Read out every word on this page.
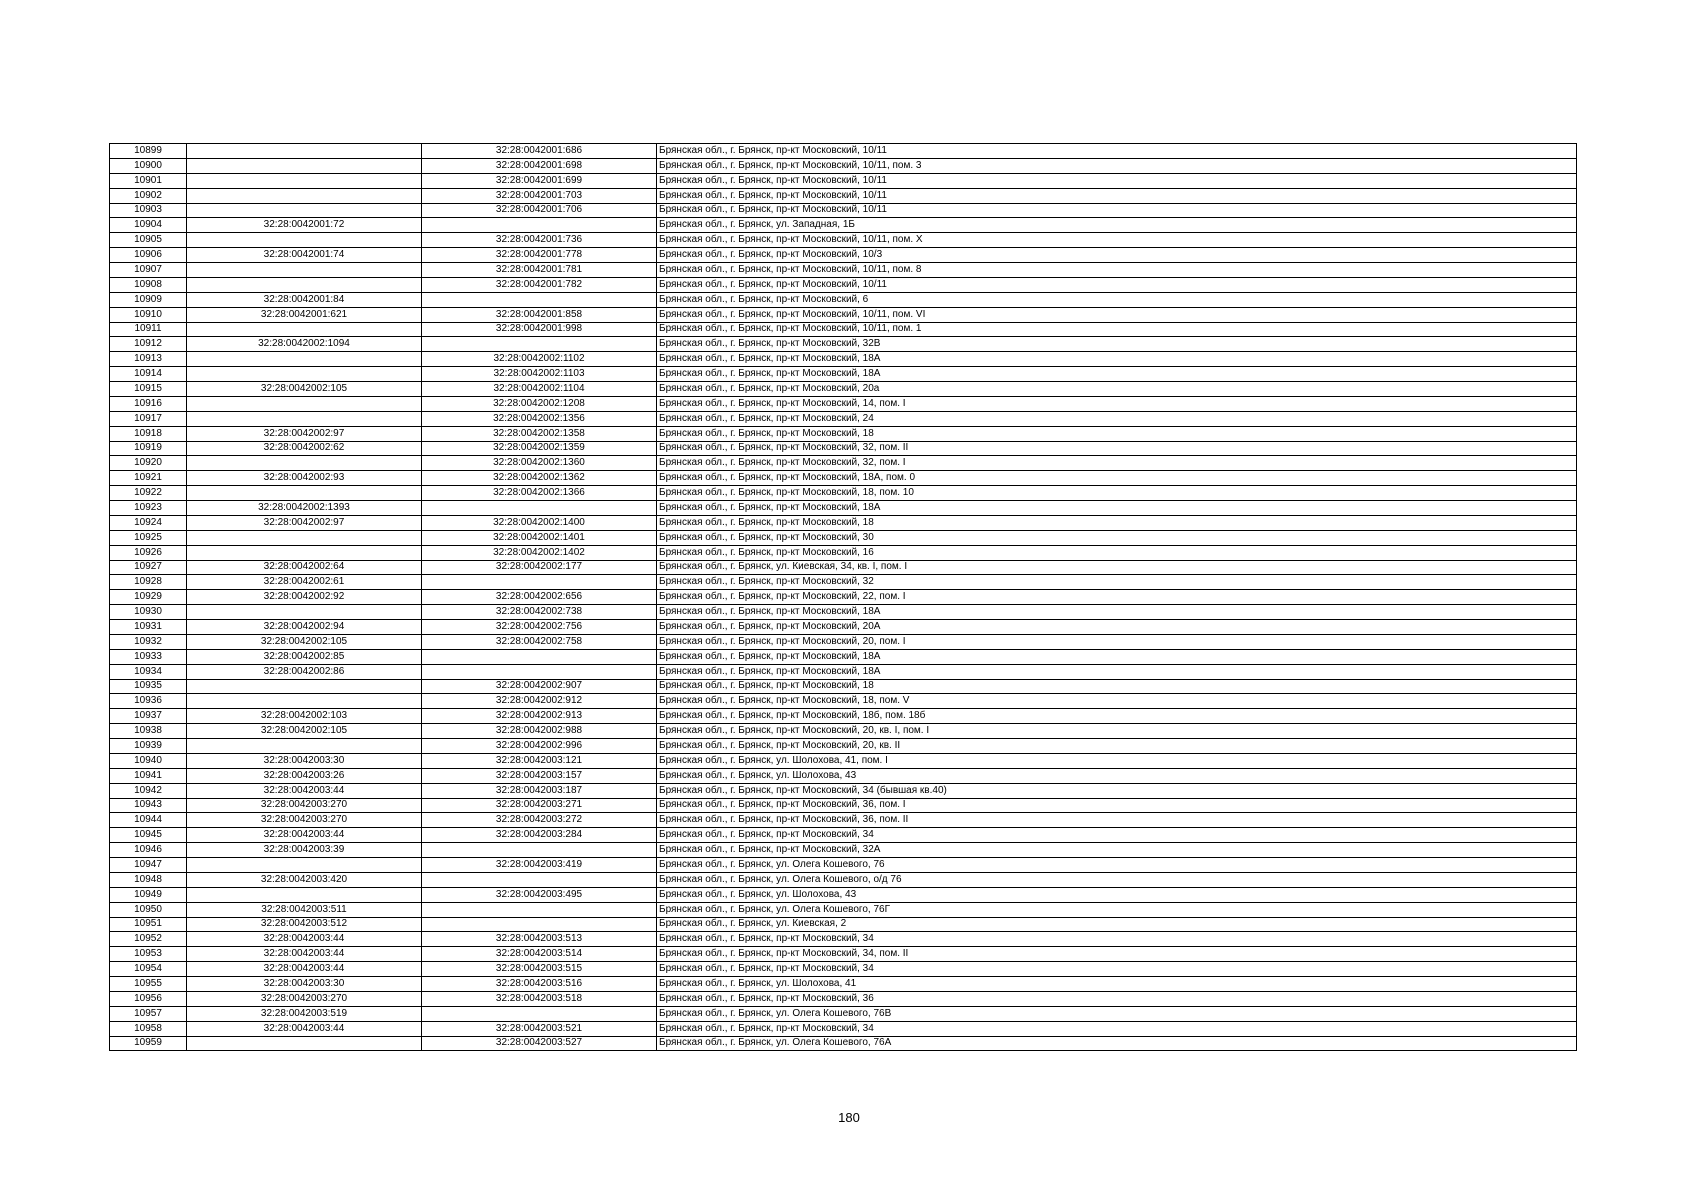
10899		32:28:0042001:686	Брянская обл., г. Брянск, пр-кт Московский, 10/11
10900		32:28:0042001:698	Брянская обл., г. Брянск, пр-кт Московский, 10/11, пом. 3
10901		32:28:0042001:699	Брянская обл., г. Брянск, пр-кт Московский, 10/11
10902		32:28:0042001:703	Брянская обл., г. Брянск, пр-кт Московский, 10/11
10903		32:28:0042001:706	Брянская обл., г. Брянск, пр-кт Московский, 10/11
10904	32:28:0042001:72		Брянская обл., г. Брянск, ул. Западная, 1Б
10905		32:28:0042001:736	Брянская обл., г. Брянск, пр-кт Московский, 10/11, пом. X
10906	32:28:0042001:74	32:28:0042001:778	Брянская обл., г. Брянск, пр-кт Московский, 10/3
10907		32:28:0042001:781	Брянская обл., г. Брянск, пр-кт Московский, 10/11, пом. 8
10908		32:28:0042001:782	Брянская обл., г. Брянск, пр-кт Московский, 10/11
10909	32:28:0042001:84		Брянская обл., г. Брянск, пр-кт Московский, 6
10910	32:28:0042001:621	32:28:0042001:858	Брянская обл., г. Брянск, пр-кт Московский, 10/11, пом. VI
10911		32:28:0042001:998	Брянская обл., г. Брянск, пр-кт Московский, 10/11, пом. 1
10912	32:28:0042002:1094		Брянская обл., г. Брянск, пр-кт Московский, 32В
10913		32:28:0042002:1102	Брянская обл., г. Брянск, пр-кт Московский, 18А
10914		32:28:0042002:1103	Брянская обл., г. Брянск, пр-кт Московский, 18А
10915	32:28:0042002:105	32:28:0042002:1104	Брянская обл., г. Брянск, пр-кт Московский, 20а
10916		32:28:0042002:1208	Брянская обл., г. Брянск, пр-кт Московский, 14, пом. I
10917		32:28:0042002:1356	Брянская обл., г. Брянск, пр-кт Московский, 24
10918	32:28:0042002:97	32:28:0042002:1358	Брянская обл., г. Брянск, пр-кт Московский, 18
10919	32:28:0042002:62	32:28:0042002:1359	Брянская обл., г. Брянск, пр-кт Московский, 32, пом. II
10920		32:28:0042002:1360	Брянская обл., г. Брянск, пр-кт Московский, 32, пом. I
10921	32:28:0042002:93	32:28:0042002:1362	Брянская обл., г. Брянск, пр-кт Московский, 18А, пом. 0
10922		32:28:0042002:1366	Брянская обл., г. Брянск, пр-кт Московский, 18, пом. 10
10923	32:28:0042002:1393		Брянская обл., г. Брянск, пр-кт Московский, 18А
10924	32:28:0042002:97	32:28:0042002:1400	Брянская обл., г. Брянск, пр-кт Московский, 18
10925		32:28:0042002:1401	Брянская обл., г. Брянск, пр-кт Московский, 30
10926		32:28:0042002:1402	Брянская обл., г. Брянск, пр-кт Московский, 16
10927	32:28:0042002:64	32:28:0042002:177	Брянская обл., г. Брянск, ул. Киевская, 34, кв. I, пом. I
10928	32:28:0042002:61		Брянская обл., г. Брянск, пр-кт Московский, 32
10929	32:28:0042002:92	32:28:0042002:656	Брянская обл., г. Брянск, пр-кт Московский, 22, пом. I
10930		32:28:0042002:738	Брянская обл., г. Брянск, пр-кт Московский, 18А
10931	32:28:0042002:94	32:28:0042002:756	Брянская обл., г. Брянск, пр-кт Московский, 20А
10932	32:28:0042002:105	32:28:0042002:758	Брянская обл., г. Брянск, пр-кт Московский, 20, пом. I
10933	32:28:0042002:85		Брянская обл., г. Брянск, пр-кт Московский, 18А
10934	32:28:0042002:86		Брянская обл., г. Брянск, пр-кт Московский, 18А
10935		32:28:0042002:907	Брянская обл., г. Брянск, пр-кт Московский, 18
10936		32:28:0042002:912	Брянская обл., г. Брянск, пр-кт Московский, 18, пом. V
10937	32:28:0042002:103	32:28:0042002:913	Брянская обл., г. Брянск, пр-кт Московский, 18б, пом. 18б
10938	32:28:0042002:105	32:28:0042002:988	Брянская обл., г. Брянск, пр-кт Московский, 20, кв. I, пом. I
10939		32:28:0042002:996	Брянская обл., г. Брянск, пр-кт Московский, 20, кв. II
10940	32:28:0042003:30	32:28:0042003:121	Брянская обл., г. Брянск, ул. Шолохова, 41, пом. I
10941	32:28:0042003:26	32:28:0042003:157	Брянская обл., г. Брянск, ул. Шолохова, 43
10942	32:28:0042003:44	32:28:0042003:187	Брянская обл., г. Брянск, пр-кт Московский, 34 (бывшая кв.40)
10943	32:28:0042003:270	32:28:0042003:271	Брянская обл., г. Брянск, пр-кт Московский, 36, пом. I
10944	32:28:0042003:270	32:28:0042003:272	Брянская обл., г. Брянск, пр-кт Московский, 36, пом. II
10945	32:28:0042003:44	32:28:0042003:284	Брянская обл., г. Брянск, пр-кт Московский, 34
10946	32:28:0042003:39		Брянская обл., г. Брянск, пр-кт Московский, 32А
10947		32:28:0042003:419	Брянская обл., г. Брянск, ул. Олега Кошевого, 76
10948	32:28:0042003:420		Брянская обл., г. Брянск, ул. Олега Кошевого, о/д 76
10949		32:28:0042003:495	Брянская обл., г. Брянск, ул. Шолохова, 43
10950	32:28:0042003:511		Брянская обл., г. Брянск, ул. Олега Кошевого, 76Г
10951	32:28:0042003:512		Брянская обл., г. Брянск, ул. Киевская, 2
10952	32:28:0042003:44	32:28:0042003:513	Брянская обл., г. Брянск, пр-кт Московский, 34
10953	32:28:0042003:44	32:28:0042003:514	Брянская обл., г. Брянск, пр-кт Московский, 34, пом. II
10954	32:28:0042003:44	32:28:0042003:515	Брянская обл., г. Брянск, пр-кт Московский, 34
10955	32:28:0042003:30	32:28:0042003:516	Брянская обл., г. Брянск, ул. Шолохова, 41
10956	32:28:0042003:270	32:28:0042003:518	Брянская обл., г. Брянск, пр-кт Московский, 36
10957	32:28:0042003:519		Брянская обл., г. Брянск, ул. Олега Кошевого, 76В
10958	32:28:0042003:44	32:28:0042003:521	Брянская обл., г. Брянск, пр-кт Московский, 34
10959		32:28:0042003:527	Брянская обл., г. Брянск, ул. Олега Кошевого, 76А
180
